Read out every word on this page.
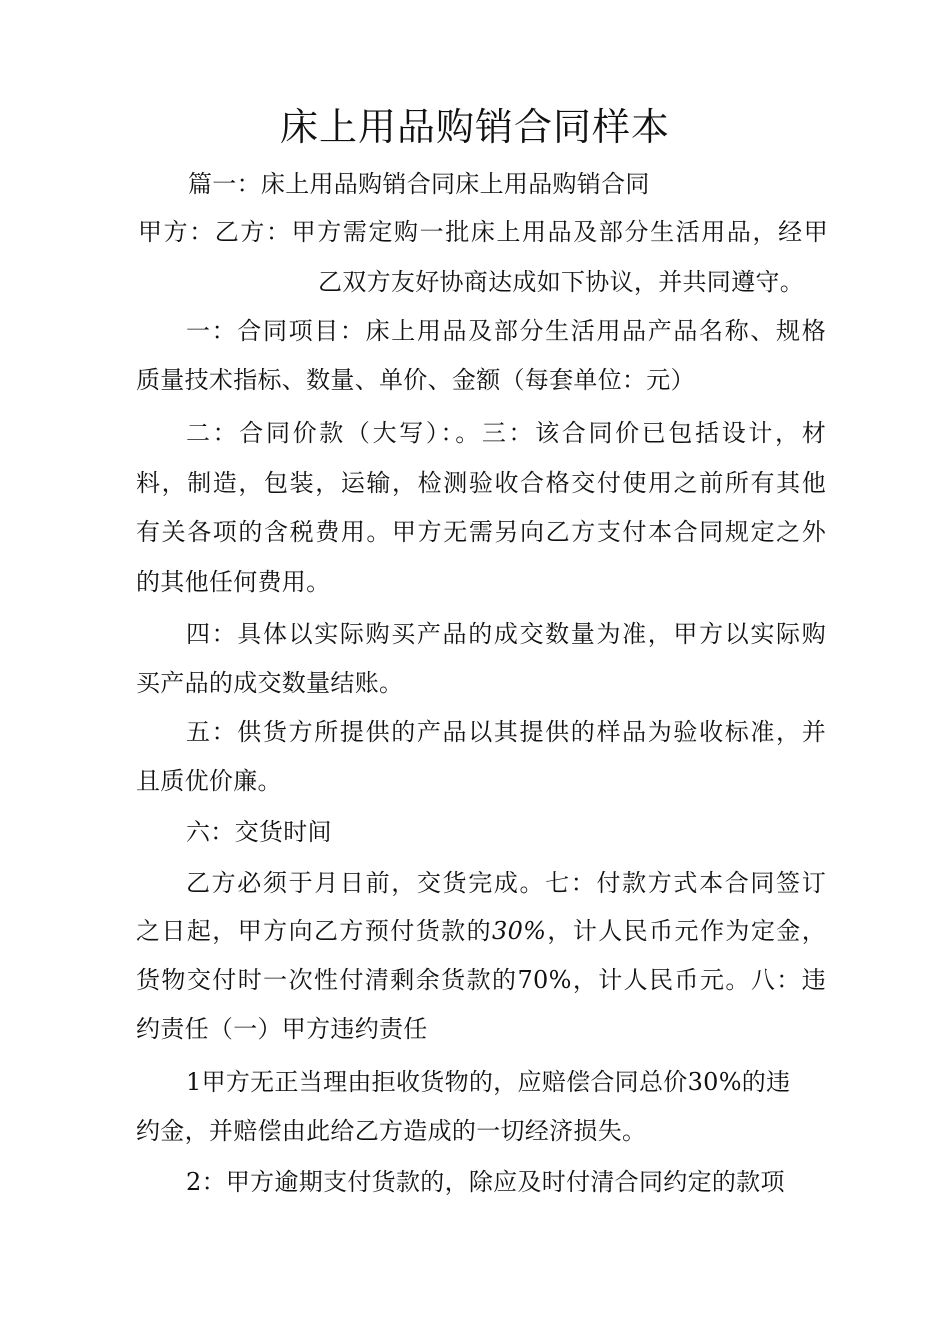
床上用品购销合同样本
篇一：床上用品购销合同床上用品购销合同
甲方：乙方：甲方需定购一批床上用品及部分生活用品，经甲
乙双方友好协商达成如下协议，并共同遵守。
一：合同项目：床上用品及部分生活用品产品名称、规格
质量技术指标、数量、单价、金额（每套单位：元）
二：合同价款（大写）：。三：该合同价已包括设计，材
料，制造，包装，运输，检测验收合格交付使用之前所有其他
有关各项的含税费用。甲方无需另向乙方支付本合同规定之外
的其他任何费用。
四：具体以实际购买产品的成交数量为准，甲方以实际购
买产品的成交数量结账。
五：供货方所提供的产品以其提供的样品为验收标准，并
且质优价廉。
六：交货时间
乙方必须于月日前，交货完成。七：付款方式本合同签订
之日起，甲方向乙方预付货款的30%，计人民币元作为定金，
货物交付时一次性付清剩余货款的70%，计人民币元。八：违
约责任（一）甲方违约责任
1甲方无正当理由拒收货物的，应赔偿合同总价30%的违
约金，并赔偿由此给乙方造成的一切经济损失。
2：甲方逾期支付货款的，除应及时付清合同约定的款项
